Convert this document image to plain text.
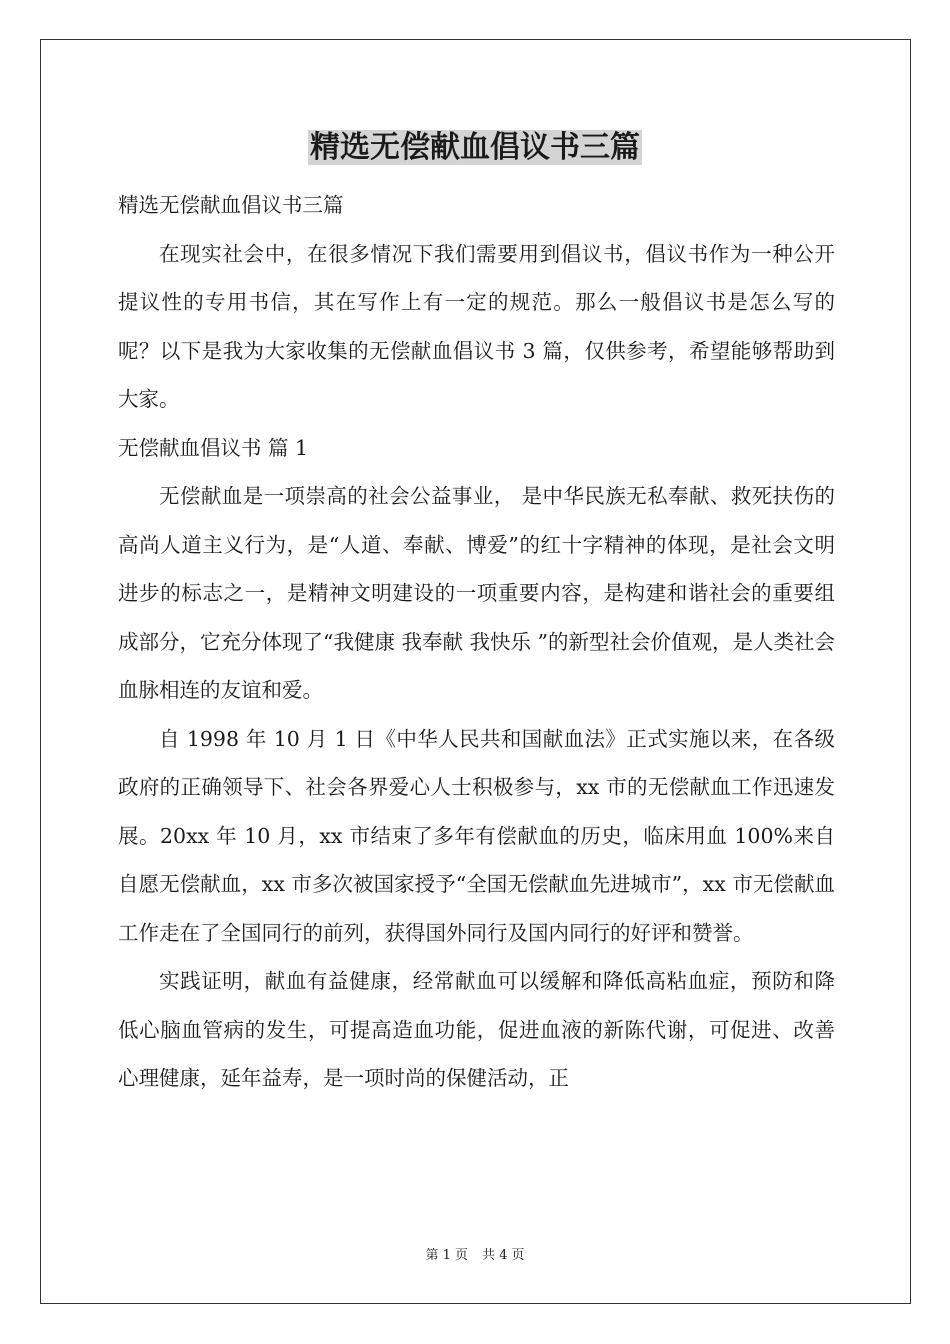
精选无偿献血倡议书三篇

精选无偿献血倡议书三篇

在现实社会中，在很多情况下我们需要用到倡议书，倡议书作为一种公开提议性的专用书信，其在写作上有一定的规范。那么一般倡议书是怎么写的呢？以下是我为大家收集的无偿献血倡议书 3 篇，仅供参考，希望能够帮助到大家。

无偿献血倡议书 篇 1

无偿献血是一项崇高的社会公益事业， 是中华民族无私奉献、救死扶伤的高尚人道主义行为，是“人道、奉献、博爱”的红十字精神的体现，是社会文明进步的标志之一，是精神文明建设的一项重要内容，是构建和谐社会的重要组成部分，它充分体现了“我健康 我奉献 我快乐 ”的新型社会价值观，是人类社会血脉相连的友谊和爱。

自 1998 年 10 月 1 日《中华人民共和国献血法》正式实施以来，在各级政府的正确领导下、社会各界爱心人士积极参与，xx 市的无偿献血工作迅速发展。20xx 年 10 月，xx 市结束了多年有偿献血的历史，临床用血 100%来自自愿无偿献血，xx 市多次被国家授予“全国无偿献血先进城市”，xx 市无偿献血工作走在了全国同行的前列，获得国外同行及国内同行的好评和赞誉。

实践证明，献血有益健康，经常献血可以缓解和降低高粘血症，预防和降低心脑血管病的发生，可提高造血功能，促进血液的新陈代谢，可促进、改善心理健康，延年益寿，是一项时尚的保健活动，正

第 1 页 共 4 页
